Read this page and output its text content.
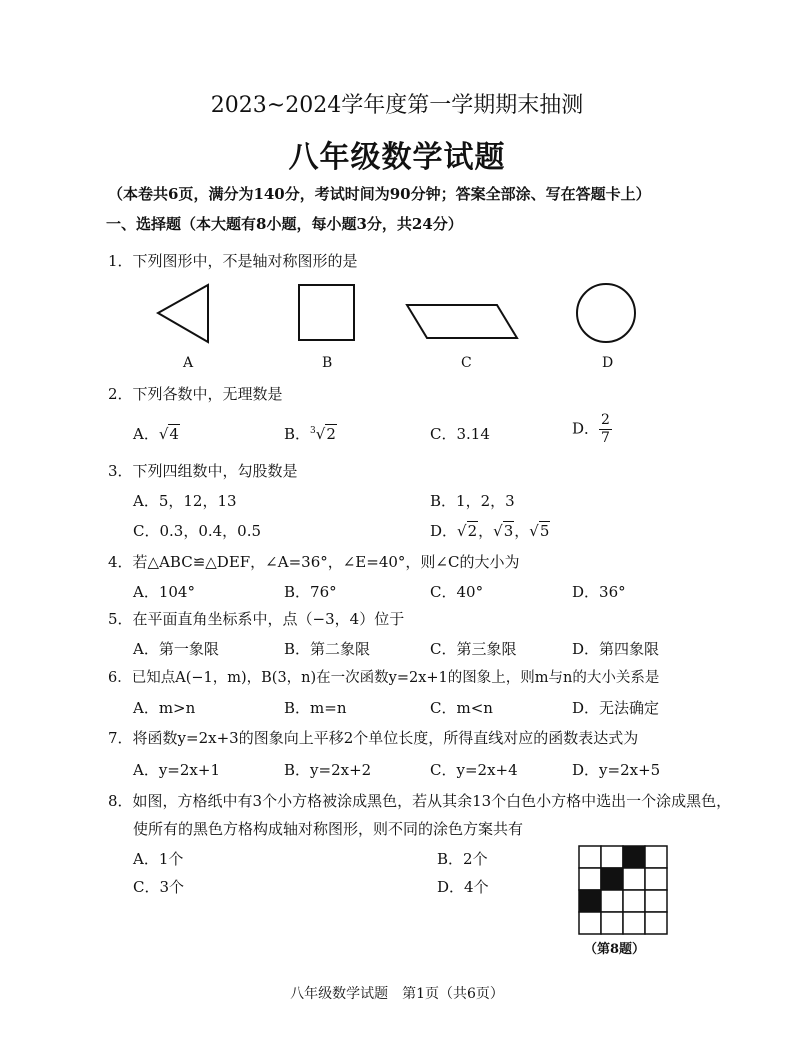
2023~2024学年度第一学期期末抽测
八年级数学试题
（本卷共6页，满分为140分，考试时间为90分钟；答案全部涂、写在答题卡上）
一、选择题（本大题有8小题，每小题3分，共24分）
1．下列图形中，不是轴对称图形的是
A	B	C	D
2．下列各数中，无理数是
A．√4	B．$^3$√2	C．3.14	D． $\frac{2}{7}$
3．下列四组数中，勾股数是
A．5，12，13	B．1，2，3
C．0.3，0.4，0.5	D．√2，√3，√5
4．若△ABC≌△DEF，∠A=36°，∠E=40°，则∠C的大小为
A．104°	B．76°	C．40°	D．36°
5．在平面直角坐标系中，点（−3，4）位于
A．第一象限	B．第二象限	C．第三象限	D．第四象限
6．已知点A(−1，m)，B(3，n)在一次函数y=2x+1的图象上，则m与n的大小关系是
A．m>n	B．m=n	C．m<n	D．无法确定
7．将函数y=2x+3的图象向上平移2个单位长度，所得直线对应的函数表达式为
A．y=2x+1	B．y=2x+2	C．y=2x+4	D．y=2x+5
8．如图，方格纸中有3个小方格被涂成黑色，若从其余13个白色小方格中选出一个涂成黑色，
使所有的黑色方格构成轴对称图形，则不同的涂色方案共有
A．1个	B．2个
C．3个	D．4个
（第8题）
八年级数学试题　第1页（共6页）
